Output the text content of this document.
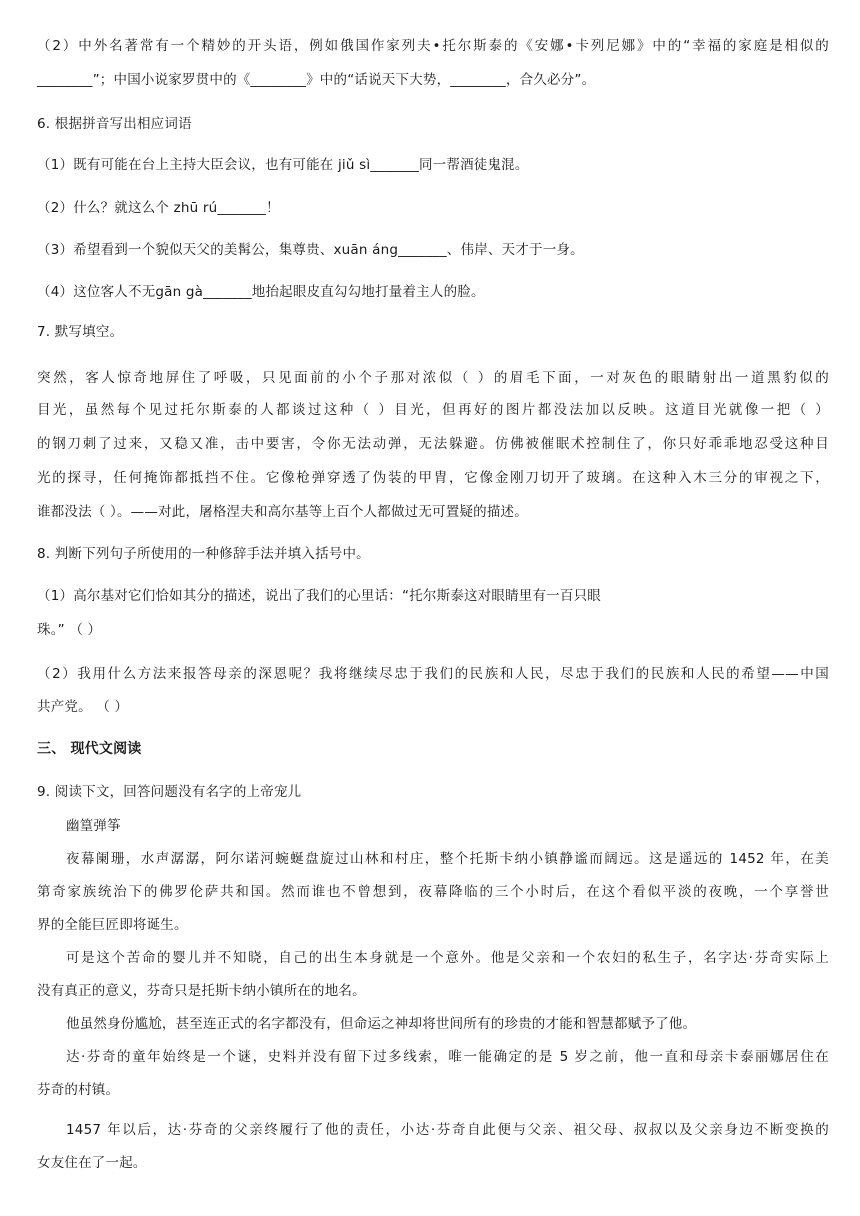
（2）中外名著常有一个精妙的开头语，例如俄国作家列夫•托尔斯泰的《安娜•卡列尼娜》中的“幸福的家庭是相似的
________”；中国小说家罗贯中的《________》中的“话说天下大势，________，合久必分”。
6. 根据拼音写出相应词语
（1）既有可能在台上主持大臣会议，也有可能在 jiǔ sì_______同一帮酒徒鬼混。
（2）什么？就这么个 zhū rú_______！
（3）希望看到一个貌似天父的美髯公，集尊贵、xuān áng_______、伟岸、天才于一身。
（4）这位客人不无gān gà_______地抬起眼皮直勾勾地打量着主人的脸。
7. 默写填空。
突然，客人惊奇地屏住了呼吸，只见面前的小个子那对浓似（ ）的眉毛下面，一对灰色的眼睛射出一道黑豹似的
目光，虽然每个见过托尔斯泰的人都谈过这种（ ）目光，但再好的图片都没法加以反映。这道目光就像一把（ ）
的钢刀刺了过来，又稳又准，击中要害，令你无法动弹，无法躲避。仿佛被催眠术控制住了，你只好乖乖地忍受这种目
光的探寻，任何掩饰都抵挡不住。它像枪弹穿透了伪装的甲胄，它像金刚刀切开了玻璃。在这种入木三分的审视之下，
谁都没法（ ）。——对此，屠格涅夫和高尔基等上百个人都做过无可置疑的描述。
8. 判断下列句子所使用的一种修辞手法并填入括号中。
（1）高尔基对它们恰如其分的描述，说出了我们的心里话：“托尔斯泰这对眼睛里有一百只眼
珠。” （ ）
（2）我用什么方法来报答母亲的深恩呢？我将继续尽忠于我们的民族和人民，尽忠于我们的民族和人民的希望——中国
共产党。 （ ）
三、 现代文阅读
9. 阅读下文，回答问题没有名字的上帝宠儿
幽篁弹筝
夜幕阑珊，水声潺潺，阿尔诺河蜿蜒盘旋过山林和村庄，整个托斯卡纳小镇静谧而阔远。这是遥远的 1452 年，在美
第奇家族统治下的佛罗伦萨共和国。然而谁也不曾想到，夜幕降临的三个小时后，在这个看似平淡的夜晚，一个享誉世
界的全能巨匠即将诞生。
可是这个苦命的婴儿并不知晓，自己的出生本身就是一个意外。他是父亲和一个农妇的私生子，名字达·芬奇实际上
没有真正的意义，芬奇只是托斯卡纳小镇所在的地名。
他虽然身份尴尬，甚至连正式的名字都没有，但命运之神却将世间所有的珍贵的才能和智慧都赋予了他。
达·芬奇的童年始终是一个谜，史料并没有留下过多线索，唯一能确定的是 5 岁之前，他一直和母亲卡泰丽娜居住在
芬奇的村镇。
1457 年以后，达·芬奇的父亲终履行了他的责任，小达·芬奇自此便与父亲、祖父母、叔叔以及父亲身边不断变换的
女友住在了一起。
